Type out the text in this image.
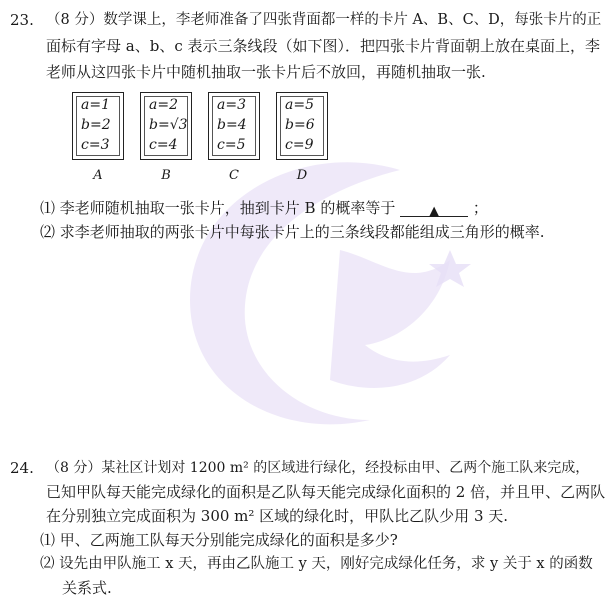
23. （8 分）数学课上，李老师准备了四张背面都一样的卡片 A、B、C、D，每张卡片的正
面标有字母 a、b、c 表示三条线段（如下图）．把四张卡片背面朝上放在桌面上，李
老师从这四张卡片中随机抽取一张卡片后不放回，再随机抽取一张.
a=1
b=2
c=3
A
a=2
b=√3
c=4
B
a=3
b=4
c=5
C
a=5
b=6
c=9
D
⑴ 李老师随机抽取一张卡片，抽到卡片 B 的概率等于	▲ ；
⑵ 求李老师抽取的两张卡片中每张卡片上的三条线段都能组成三角形的概率.
24. （8 分）某社区计划对 1200 m² 的区域进行绿化，经投标由甲、乙两个施工队来完成，
已知甲队每天能完成绿化的面积是乙队每天能完成绿化面积的 2 倍，并且甲、乙两队
在分别独立完成面积为 300 m² 区域的绿化时，甲队比乙队少用 3 天.
⑴ 甲、乙两施工队每天分别能完成绿化的面积是多少?
⑵ 设先由甲队施工 x 天，再由乙队施工 y 天，刚好完成绿化任务，求 y 关于 x 的函数
关系式.
